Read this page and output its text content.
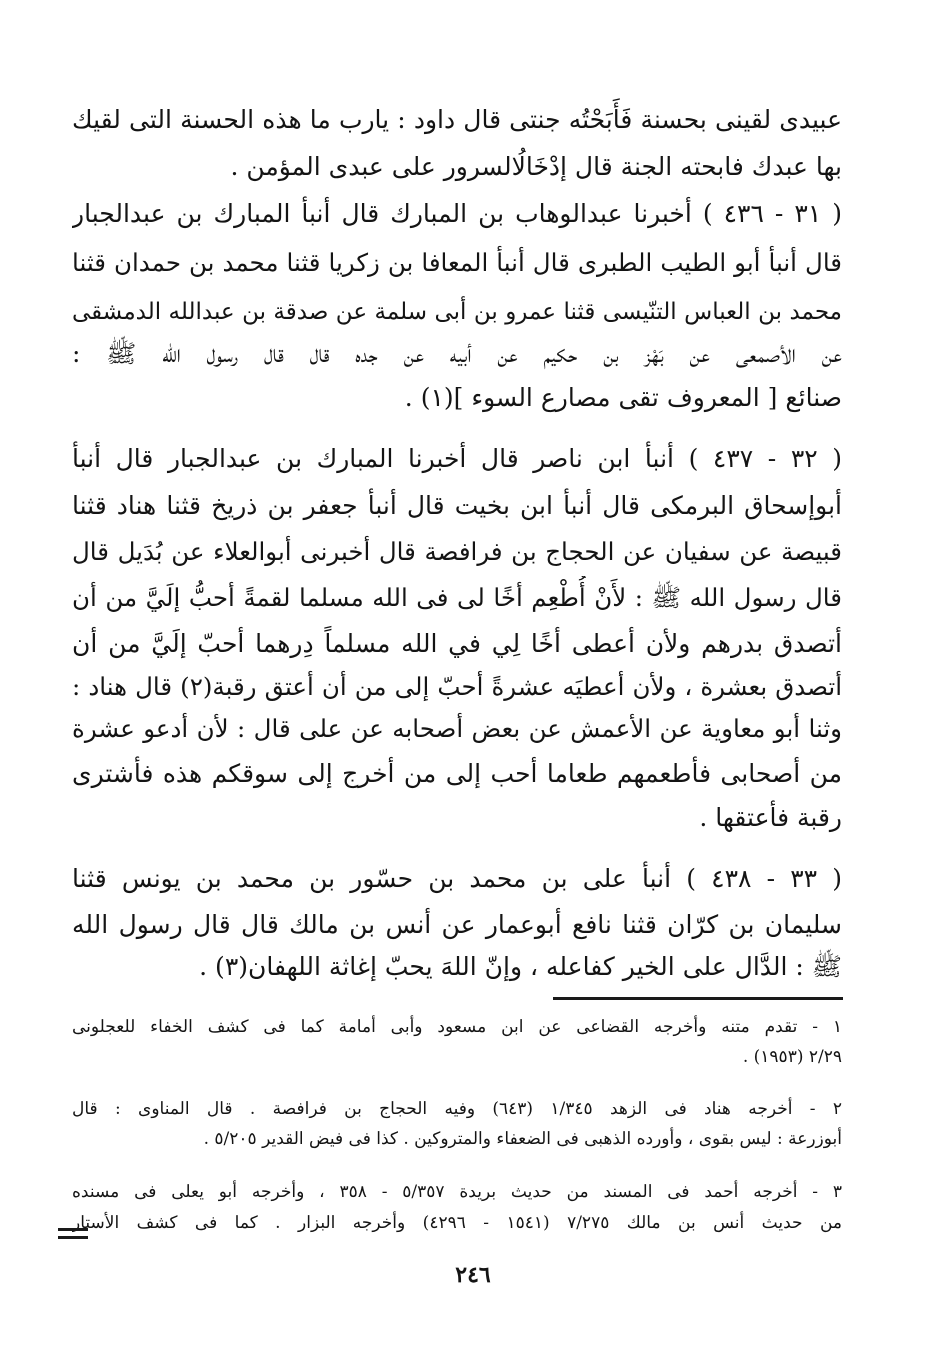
عبيدى لقينى بحسنة فَأَبَحْتُه جنتى قال داود : يارب ما هذه الحسنة التى لقيك
بها عبدك فابحته الجنة قال إدْخَالُالسرور على عبدى المؤمن .
( ٣١ - ٤٣٦ ) أخبرنا عبدالوهاب بن المبارك قال أنبأ المبارك بن عبدالجبار
قال أنبأ أبو الطيب الطبرى قال أنبأ المعافا بن زكريا قثنا محمد بن حمدان قثنا
محمد بن العباس التنّيسى قثنا عمرو بن أبى سلمة عن صدقة بن عبدالله الدمشقى
عن الأصمعى عن بَهْز بن حكيم عن أبيه عن جده قال قال رسول الله ﷺ :
صنائع [ المعروف تقى مصارع السوء ](١) .
( ٣٢ - ٤٣٧ ) أنبأ ابن ناصر قال أخبرنا المبارك بن عبدالجبار قال أنبأ
أبوإسحاق البرمكى قال أنبأ ابن بخيت قال أنبأ جعفر بن ذريخ قثنا هناد قثنا
قبيصة عن سفيان عن الحجاج بن فرافصة قال أخبرنى أبوالعلاء عن بُدَيل قال
قال رسول الله ﷺ : لأَنْ أُطْعِم أخًا لى فى الله مسلما لقمةً أحبُّ إلَيَّ من أن
أتصدق بدرهم ولأن أعطى أخًا لِي في الله مسلماً دِرهما أحبّ إلَيَّ من أن
أتصدق بعشرة ، ولأن أعطيَه عشرةً أحبّ إلى من أن أعتق رقبة(٢) قال هناد :
وثنا أبو معاوية عن الأعمش عن بعض أصحابه عن على قال : لأن أدعو عشرة
من أصحابى فأطعمهم طعاما أحب إلى من أخرج إلى سوقكم هذه فأشترى
رقبة فأعتقها .
( ٣٣ - ٤٣٨ ) أنبأ على بن محمد بن حسّور بن محمد بن يونس قثنا
سليمان بن كرّان قثنا نافع أبوعمار عن أنس بن مالك قال قال رسول الله
ﷺ : الدَّال على الخير كفاعله ، وإنّ اللهَ يحبّ إغاثة اللهفان(٣) .
١ - تقدم متنه وأخرجه القضاعى عن ابن مسعود وأبى أمامة كما فى كشف الخفاء للعجلونى
٢/٢٩ (١٩٥٣) .
٢ - أخرجه هناد فى الزهد ١/٣٤٥ (٦٤٣) وفيه الحجاج بن فرافصة . قال المناوى : قال
أبوزرعة : ليس بقوى ، وأورده الذهبى فى الضعفاء والمتروكين . كذا فى فيض القدير ٥/٢٠٥ .
٣ - أخرجه أحمد فى المسند من حديث بريدة ٥/٣٥٧ - ٣٥٨ ، وأخرجه أبو يعلى فى مسنده
من حديث أنس بن مالك ٧/٢٧٥ (١٥٤١ - ٤٢٩٦) وأخرجه البزار . كما فى كشف الأستار
٢٤٦
